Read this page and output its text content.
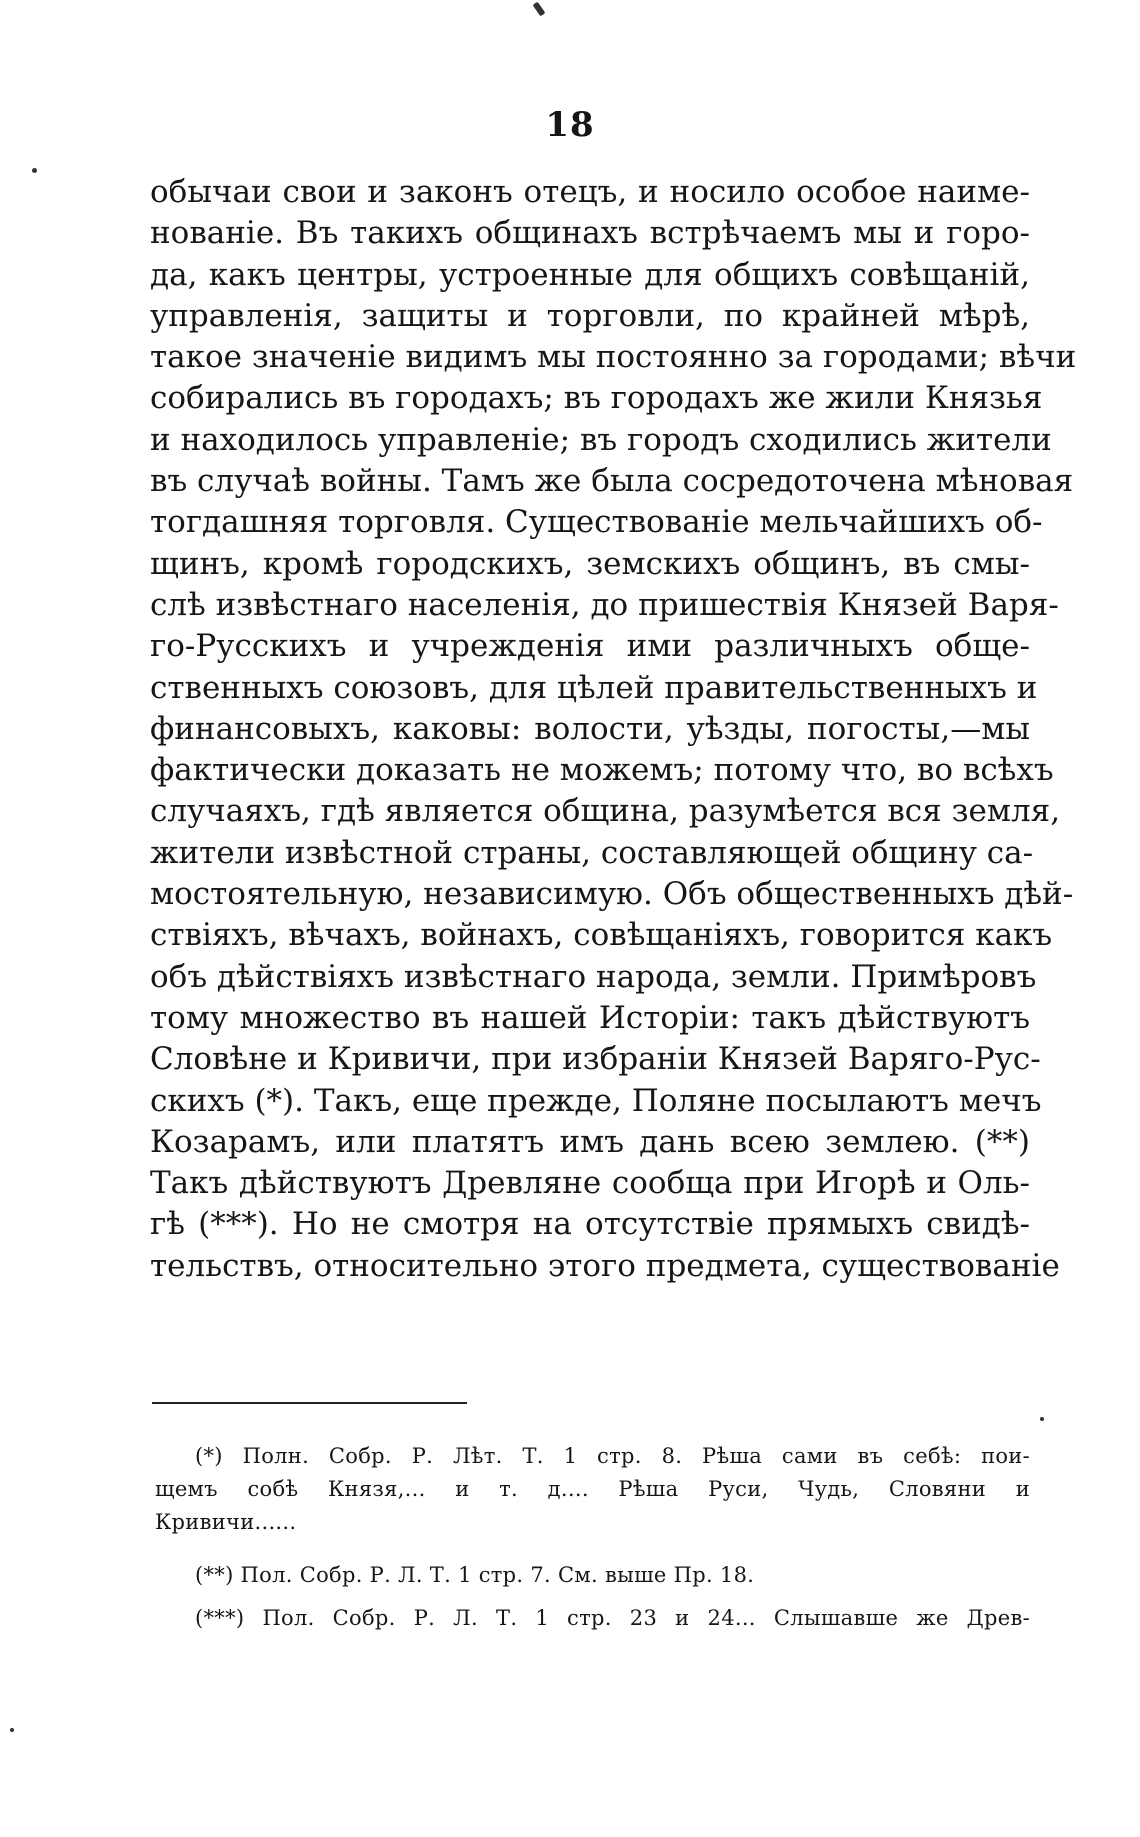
18
обычаи свои и законъ отецъ, и носило особое наиме-
нованіе. Въ такихъ общинахъ встрѣчаемъ мы и горо-
да, какъ центры, устроенные для общихъ совѣщаній,
управленія, защиты и торговли, по крайней мѣрѣ,
такое значеніе видимъ мы постоянно за городами; вѣчи
собирались въ городахъ; въ городахъ же жили Князья
и находилось управленіе; въ городъ сходились жители
въ случаѣ войны. Тамъ же была сосредоточена мѣновая
тогдашняя торговля. Существованіе мельчайшихъ об-
щинъ, кромѣ городскихъ, земскихъ общинъ, въ смы-
слѣ извѣстнаго населенія, до пришествія Князей Варя-
го-Русскихъ и учрежденія ими различныхъ обще-
ственныхъ союзовъ, для цѣлей правительственныхъ и
финансовыхъ, каковы: волости, уѣзды, погосты,—мы
фактически доказать не можемъ; потому что, во всѣхъ
случаяхъ, гдѣ является община, разумѣется вся земля,
жители извѣстной страны, составляющей общину са-
мостоятельную, независимую. Объ общественныхъ дѣй-
ствіяхъ, вѣчахъ, войнахъ, совѣщаніяхъ, говорится какъ
объ дѣйствіяхъ извѣстнаго народа, земли. Примѣровъ
тому множество въ нашей Исторіи: такъ дѣйствуютъ
Словѣне и Кривичи, при избраніи Князей Варяго-Рус-
скихъ (*). Такъ, еще прежде, Поляне посылаютъ мечъ
Козарамъ, или платятъ имъ дань всею землею. (**)
Такъ дѣйствуютъ Древляне сообща при Игорѣ и Оль-
гѣ (***). Но не смотря на отсутствіе прямыхъ свидѣ-
тельствъ, относительно этого предмета, существованіе
(*) Полн. Собр. Р. Лѣт. Т. 1 стр. 8. Рѣша сами въ себѣ: пои-
щемъ собѣ Князя,... и т. д.... Рѣша Руси, Чудь, Словяни и
Кривичи......
(**) Пол. Собр. Р. Л. Т. 1 стр. 7. См. выше Пр. 18.
(***) Пол. Собр. Р. Л. Т. 1 стр. 23 и 24... Слышавше же Древ-
